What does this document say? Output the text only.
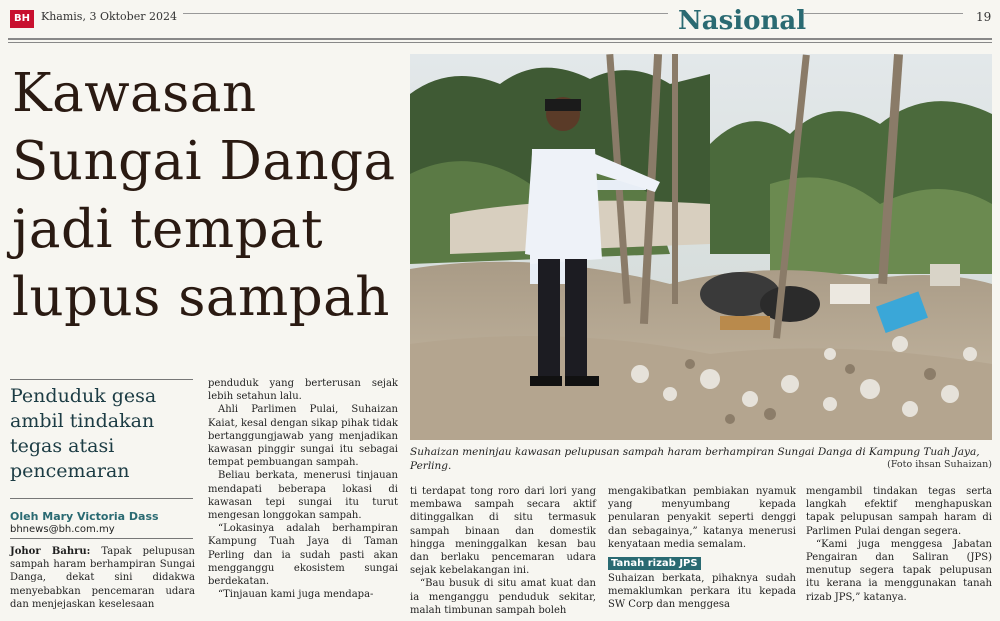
BH	Khamis, 3 Oktober 2024	Nasional	19
Kawasan Sungai Danga jadi tempat lupus sampah
Suhaizan meninjau kawasan pelupusan sampah haram berhampiran Sungai Danga di Kampung Tuah Jaya, Perling.	(Foto ihsan Suhaizan)
Penduduk gesa ambil tindakan tegas atasi pencemaran
Oleh Mary Victoria Dass
bhnews@bh.com.my

Johor Bahru: Tapak pelupusan sampah haram berhampiran Sungai Danga, dekat sini didakwa menyebabkan pencemaran udara dan menjejaskan keselesaan

penduduk yang berterusan sejak lebih setahun lalu.

Ahli Parlimen Pulai, Suhaizan Kaiat, kesal dengan sikap pihak tidak bertanggungjawab yang menjadikan kawasan pinggir sungai itu sebagai tempat pembuangan sampah.

Beliau berkata, menerusi tinjauan mendapati beberapa lokasi di kawasan tepi sungai itu turut mengesan longgokan sampah.

“Lokasinya adalah berhampiran Kampung Tuah Jaya di Taman Perling dan ia sudah pasti akan mengganggu ekosistem sungai berdekatan.

“Tinjauan kami juga mendapa-

ti terdapat tong roro dari lori yang membawa sampah secara aktif ditinggalkan di situ termasuk sampah binaan dan domestik hingga meninggalkan kesan bau dan berlaku pencemaran udara sejak kebelakangan ini.

“Bau busuk di situ amat kuat dan ia menganggu penduduk sekitar, malah timbunan sampah boleh

mengakibatkan pembiakan nyamuk yang menyumbang kepada penularan penyakit seperti denggi dan sebagainya,” katanya menerusi kenyataan media semalam.

Tanah rizab JPS

Suhaizan berkata, pihaknya sudah memaklumkan perkara itu kepada SW Corp dan menggesa

mengambil tindakan tegas serta langkah efektif menghapuskan tapak pelupusan sampah haram di Parlimen Pulai dengan segera.

“Kami juga menggesa Jabatan Pengairan dan Saliran (JPS) menutup segera tapak pelupusan itu kerana ia menggunakan tanah rizab JPS,” katanya.
